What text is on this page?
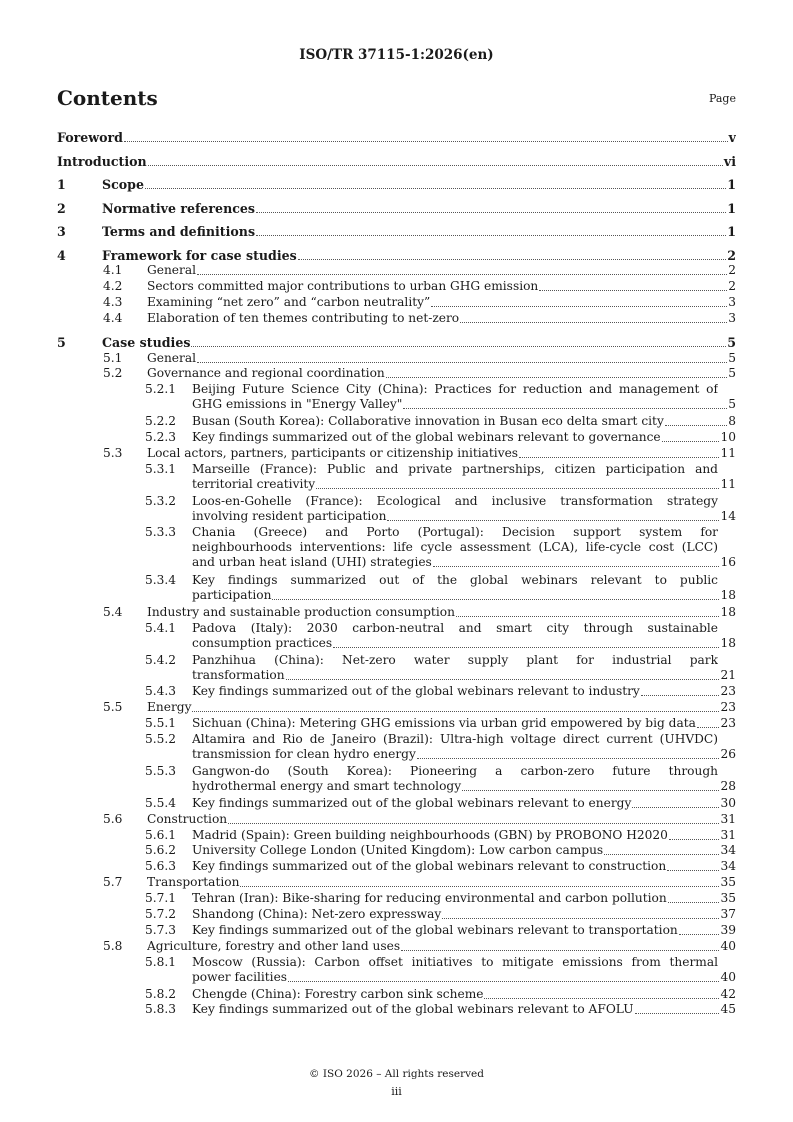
ISO/TR 37115-1:2026(en)
Contents	Page
Foreword	v
Introduction	vi
1	Scope	1
2	Normative references	1
3	Terms and definitions	1
4	Framework for case studies	2
4.1 General	2
4.2 Sectors committed major contributions to urban GHG emission	2
4.3 Examining “net zero” and “carbon neutrality”	3
4.4 Elaboration of ten themes contributing to net-zero	3
5	Case studies	5
5.1 General	5
5.2 Governance and regional coordination	5
5.2.1 Beijing Future Science City (China): Practices for reduction and management of
GHG emissions in "Energy Valley"	5
5.2.2 Busan (South Korea): Collaborative innovation in Busan eco delta smart city	8
5.2.3 Key findings summarized out of the global webinars relevant to governance	10
5.3 Local actors, partners, participants or citizenship initiatives	11
5.3.1 Marseille (France): Public and private partnerships, citizen participation and
territorial creativity	11
5.3.2 Loos-en-Gohelle (France): Ecological and inclusive transformation strategy
involving resident participation	14
5.3.3 Chania (Greece) and Porto (Portugal): Decision support system for
neighbourhoods interventions: life cycle assessment (LCA), life-cycle cost (LCC)
and urban heat island (UHI) strategies	16
5.3.4 Key findings summarized out of the global webinars relevant to public
participation	18
5.4 Industry and sustainable production consumption	18
5.4.1 Padova (Italy): 2030 carbon-neutral and smart city through sustainable
consumption practices	18
5.4.2 Panzhihua (China): Net-zero water supply plant for industrial park
transformation	21
5.4.3 Key findings summarized out of the global webinars relevant to industry	23
5.5 Energy	23
5.5.1 Sichuan (China): Metering GHG emissions via urban grid empowered by big data 23
5.5.2 Altamira and Rio de Janeiro (Brazil): Ultra-high voltage direct current (UHVDC)
transmission for clean hydro energy	26
5.5.3 Gangwon-do (South Korea): Pioneering a carbon-zero future through
hydrothermal energy and smart technology	28
5.5.4 Key findings summarized out of the global webinars relevant to energy	30
5.6 Construction	31
5.6.1 Madrid (Spain): Green building neighbourhoods (GBN) by PROBONO H2020	31
5.6.2 University College London (United Kingdom): Low carbon campus	34
5.6.3 Key findings summarized out of the global webinars relevant to construction	34
5.7 Transportation	35
5.7.1 Tehran (Iran): Bike-sharing for reducing environmental and carbon pollution	35
5.7.2 Shandong (China): Net-zero expressway	37
5.7.3 Key findings summarized out of the global webinars relevant to transportation	39
5.8 Agriculture, forestry and other land uses	40
5.8.1 Moscow (Russia): Carbon offset initiatives to mitigate emissions from thermal
power facilities	40
5.8.2 Chengde (China): Forestry carbon sink scheme	42
5.8.3 Key findings summarized out of the global webinars relevant to AFOLU	45
© ISO 2026 – All rights reserved
iii
